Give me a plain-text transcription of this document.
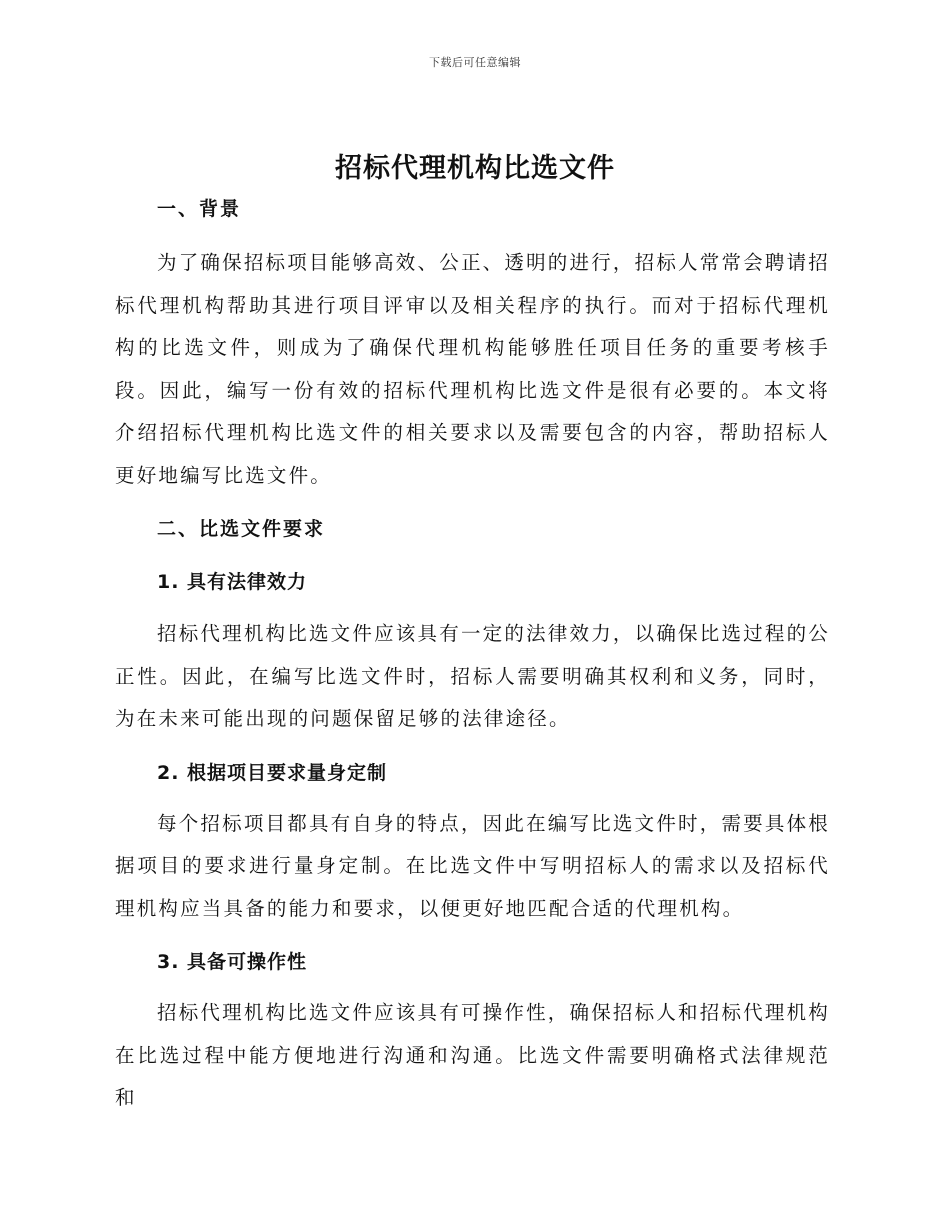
下载后可任意编辑
招标代理机构比选文件

一、背景

为了确保招标项目能够高效、公正、透明的进行，招标人常常会聘请招标代理机构帮助其进行项目评审以及相关程序的执行。而对于招标代理机构的比选文件，则成为了确保代理机构能够胜任项目任务的重要考核手段。因此，编写一份有效的招标代理机构比选文件是很有必要的。本文将介绍招标代理机构比选文件的相关要求以及需要包含的内容，帮助招标人更好地编写比选文件。

二、比选文件要求

1. 具有法律效力

招标代理机构比选文件应该具有一定的法律效力，以确保比选过程的公正性。因此，在编写比选文件时，招标人需要明确其权利和义务，同时，为在未来可能出现的问题保留足够的法律途径。

2. 根据项目要求量身定制

每个招标项目都具有自身的特点，因此在编写比选文件时，需要具体根据项目的要求进行量身定制。在比选文件中写明招标人的需求以及招标代理机构应当具备的能力和要求，以便更好地匹配合适的代理机构。

3. 具备可操作性

招标代理机构比选文件应该具有可操作性，确保招标人和招标代理机构在比选过程中能方便地进行沟通和沟通。比选文件需要明确格式法律规范和
